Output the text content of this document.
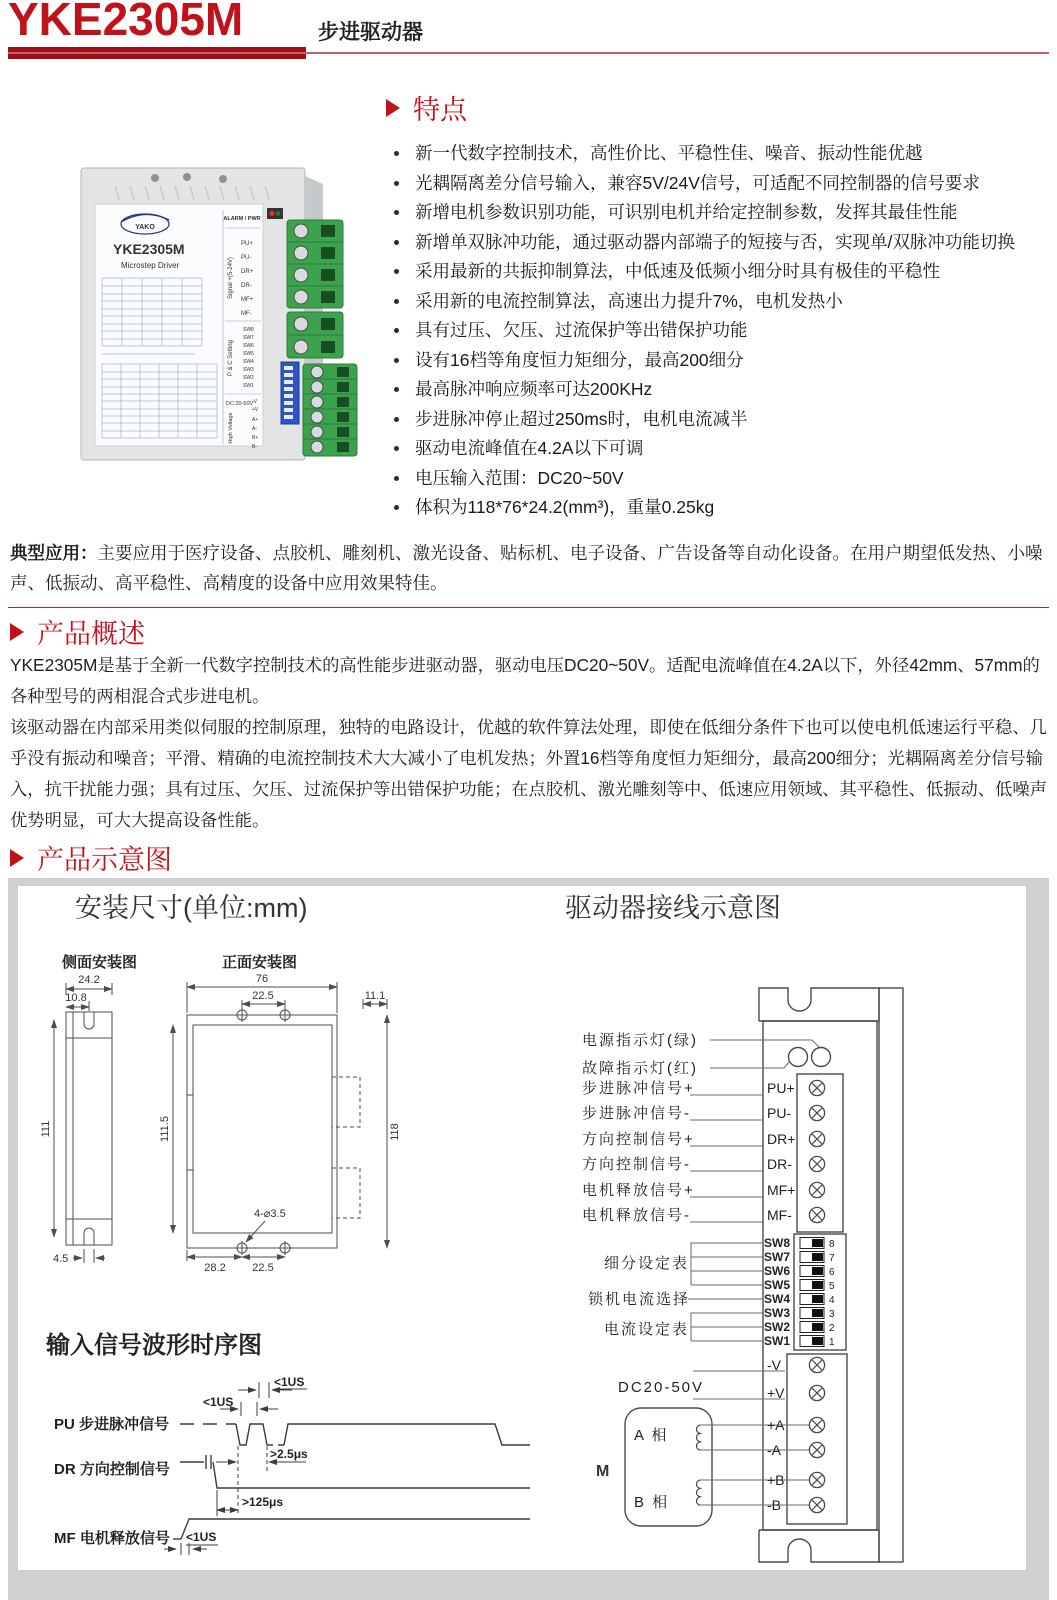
YKE2305M	步进驱动器
YAKO
YKE2305M
Microstep Driver
ALARM / PWR
PU+
PU-
DR+
DR-
MF+
MF-
Signal +(5-24V)
SW8
SW7
SW6
SW5
SW4
SW3
SW2
SW1
P & C Setting
DC:20-50V
-V
+V
A+
A-
B+
B-
High Voltage
特点
新一代数字控制技术，高性价比、平稳性佳、噪音、振动性能优越
光耦隔离差分信号输入，兼容5V/24V信号，可适配不同控制器的信号要求
新增电机参数识别功能，可识别电机并给定控制参数，发挥其最佳性能
新增单双脉冲功能，通过驱动器内部端子的短接与否，实现单/双脉冲功能切换
采用最新的共振抑制算法，中低速及低频小细分时具有极佳的平稳性
采用新的电流控制算法，高速出力提升7%，电机发热小
具有过压、欠压、过流保护等出错保护功能
设有16档等角度恒力矩细分，最高200细分
最高脉冲响应频率可达200KHz
步进脉冲停止超过250ms时，电机电流减半
驱动电流峰值在4.2A以下可调
电压输入范围：DC20~50V
体积为118*76*24.2(mm³)，重量0.25kg

典型应用：主要应用于医疗设备、点胶机、雕刻机、激光设备、贴标机、电子设备、广告设备等自动化设备。在用户期望低发热、小噪声、低振动、高平稳性、高精度的设备中应用效果特佳。

产品概述

YKE2305M是基于全新一代数字控制技术的高性能步进驱动器，驱动电压DC20~50V。适配电流峰值在4.2A以下，外径42mm、57mm的各种型号的两相混合式步进电机。

该驱动器在内部采用类似伺服的控制原理，独特的电路设计，优越的软件算法处理，即使在低细分条件下也可以使电机低速运行平稳、几乎没有振动和噪音；平滑、精确的电流控制技术大大减小了电机发热；外置16档等角度恒力矩细分，最高200细分；光耦隔离差分信号输入，抗干扰能力强；具有过压、欠压、过流保护等出错保护功能；在点胶机、激光雕刻等中、低速应用领域、其平稳性、低振动、低噪声优势明显，可大大提高设备性能。

产品示意图
安装尺寸(单位:mm)	驱动器接线示意图
侧面安装图	正面安装图
24.2
10.8
111
4.5
76
22.5	11.1
111.5	118
4-⌀3.5
28.2 22.5
输入信号波形时序图
PU 步进脉冲信号
DR 方向控制信号
MF 电机释放信号
<1US
<1US
>2.5μs
>125μs
<1US
电源指示灯(绿)
故障指示灯(红)
步进脉冲信号+
步进脉冲信号-
方向控制信号+
方向控制信号-
电机释放信号+
电机释放信号-
PU+
PU-
DR+
DR-
MF+
MF-
细分设定表
锁机电流选择
电流设定表
SW8
SW7
SW6
SW5
SW4
SW3
SW2
SW1
8
7
6
5
4
3
2
1
DC20-50V
-V
+V
+A
-A
+B
-B
A 相
B 相
M
